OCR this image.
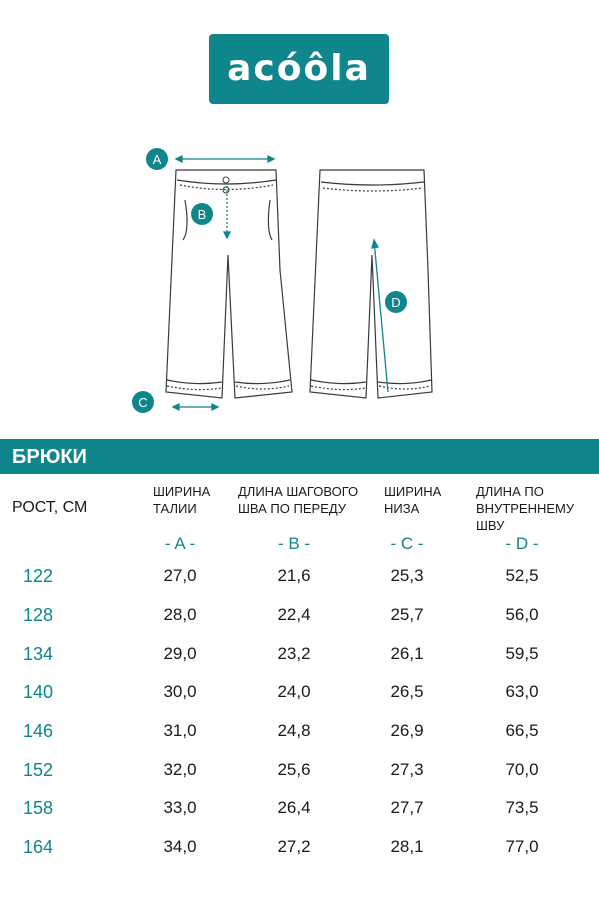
acóôla
A
B
C
D
БРЮКИ
РОСТ, СМ
ШИРИНА
ТАЛИИ
ДЛИНА ШАГОВОГО
ШВА ПО ПЕРЕДУ
ШИРИНА
НИЗА
ДЛИНА ПО
ВНУТРЕННЕМУ ШВУ
- A -	- B -	- C -	- D -
122	27,0	21,6	25,3	52,5
128	28,0	22,4	25,7	56,0
134	29,0	23,2	26,1	59,5
140	30,0	24,0	26,5	63,0
146	31,0	24,8	26,9	66,5
152	32,0	25,6	27,3	70,0
158	33,0	26,4	27,7	73,5
164	34,0	27,2	28,1	77,0
